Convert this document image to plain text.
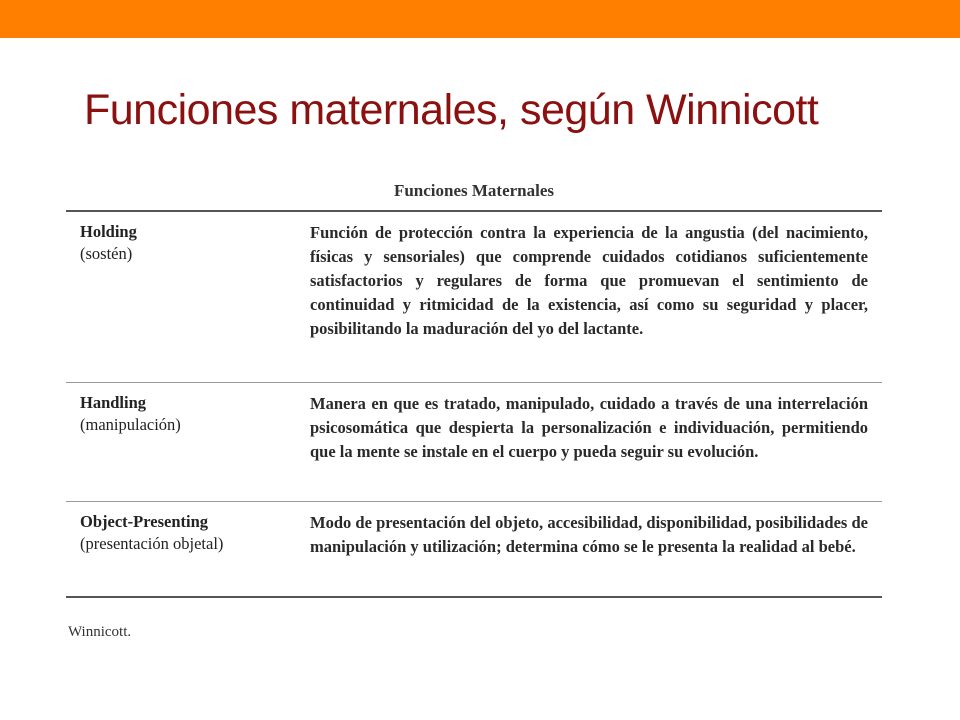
Funciones maternales, según Winnicott
Funciones Maternales
Holding
(sostén)
Función de protección contra la experiencia de la angustia (del nacimiento, físicas y sensoriales) que comprende cuidados cotidianos suficientemente satisfactorios y regulares de forma que promuevan el sentimiento de continuidad y ritmicidad de la existencia, así como su seguridad y placer, posibilitando la maduración del yo del lactante.
Handling
(manipulación)
Manera en que es tratado, manipulado, cuidado a través de una interrelación psicosomática que despierta la personalización e individuación, permitiendo que la mente se instale en el cuerpo y pueda seguir su evolución.
Object-Presenting
(presentación objetal)
Modo de presentación del objeto, accesibilidad, disponibilidad, posibilidades de manipulación y utilización; determina cómo se le presenta la realidad al bebé.
Winnicott.
